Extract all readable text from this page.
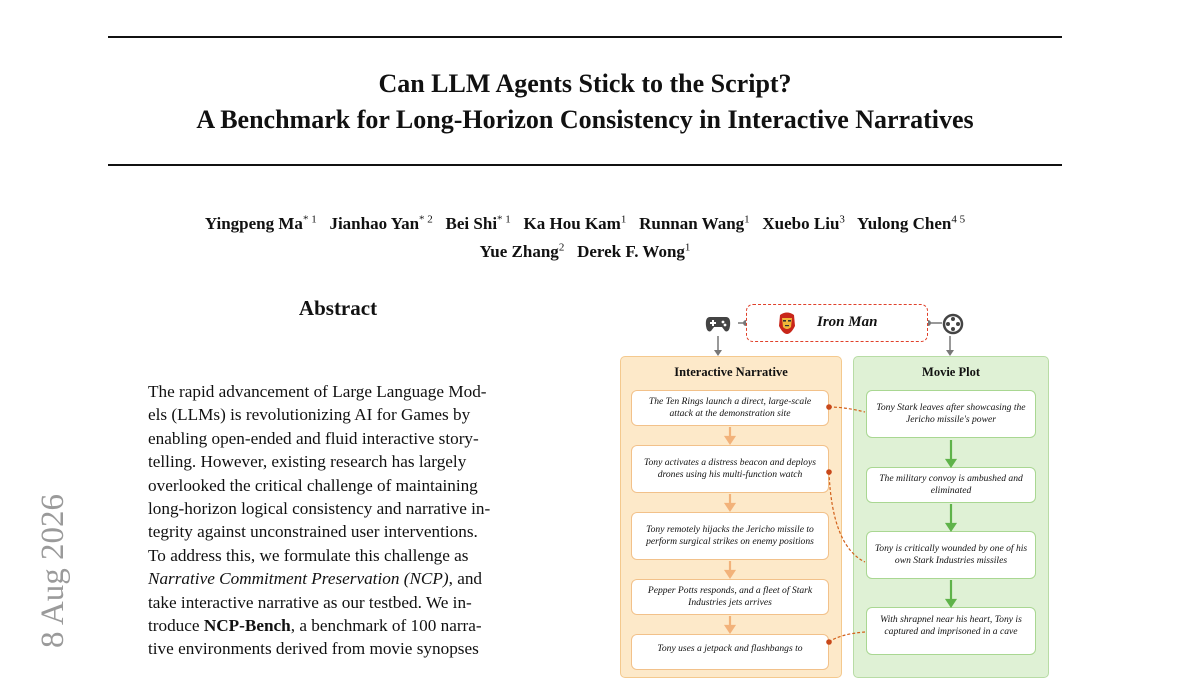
Can LLM Agents Stick to the Script?
A Benchmark for Long-Horizon Consistency in Interactive Narratives
Yingpeng Ma$^{* 1}$ Jianhao Yan$^{* 2}$ Bei Shi$^{* 1}$ Ka Hou Kam$^1$ Runnan Wang$^1$ Xuebo Liu$^3$ Yulong Chen$^{4 5}$
Yue Zhang$^2$ Derek F. Wong$^1$
8 Aug 2026
Abstract

The rapid advancement of Large Language Mod-

els (LLMs) is revolutionizing AI for Games by

enabling open-ended and fluid interactive story-

telling. However, existing research has largely

overlooked the critical challenge of maintaining

long-horizon logical consistency and narrative in-

tegrity against unconstrained user interventions.

To address this, we formulate this challenge as

Narrative Commitment Preservation (NCP), and

take interactive narrative as our testbed. We in-

troduce NCP-Bench, a benchmark of 100 narra-

tive environments derived from movie synopses

Iron Man
Interactive Narrative
The Ten Rings launch a direct, large-scale attack at the demonstration site
Tony activates a distress beacon and deploys drones using his multi-function watch
Tony remotely hijacks the Jericho missile to perform surgical strikes on enemy positions
Pepper Potts responds, and a fleet of Stark Industries jets arrives
Tony uses a jetpack and flashbangs to
Movie Plot
Tony Stark leaves after showcasing the Jericho missile's power
The military convoy is ambushed and eliminated
Tony is critically wounded by one of his own Stark Industries missiles
With shrapnel near his heart, Tony is captured and imprisoned in a cave
